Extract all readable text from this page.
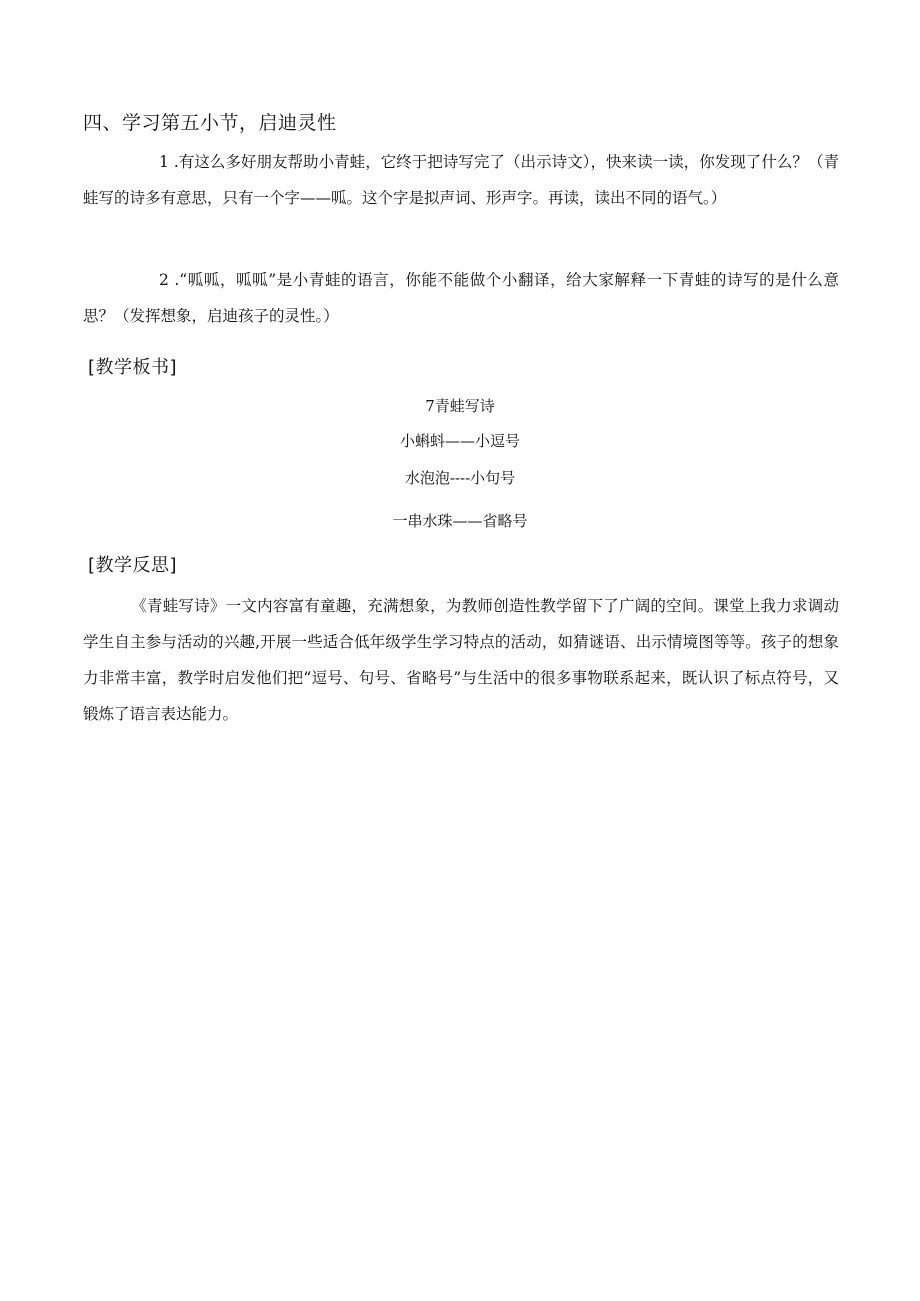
四、学习第五小节，启迪灵性

1 .有这么多好朋友帮助小青蛙，它终于把诗写完了（出示诗文），快来读一读，你发现了什么？（青蛙写的诗多有意思，只有一个字——呱。这个字是拟声词、形声字。再读，读出不同的语气。）

2 .“呱呱，呱呱”是小青蛙的语言，你能不能做个小翻译，给大家解释一下青蛙的诗写的是什么意思？（发挥想象，启迪孩子的灵性。）

[教学板书]
7青蛙写诗
小蝌蚪——小逗号
水泡泡----小句号
一串水珠——省略号
[教学反思]

《青蛙写诗》一文内容富有童趣，充满想象，为教师创造性教学留下了广阔的空间。课堂上我力求调动学生自主参与活动的兴趣,开展一些适合低年级学生学习特点的活动，如猜谜语、出示情境图等等。孩子的想象力非常丰富，教学时启发他们把“逗号、句号、省略号”与生活中的很多事物联系起来，既认识了标点符号，又锻炼了语言表达能力。
